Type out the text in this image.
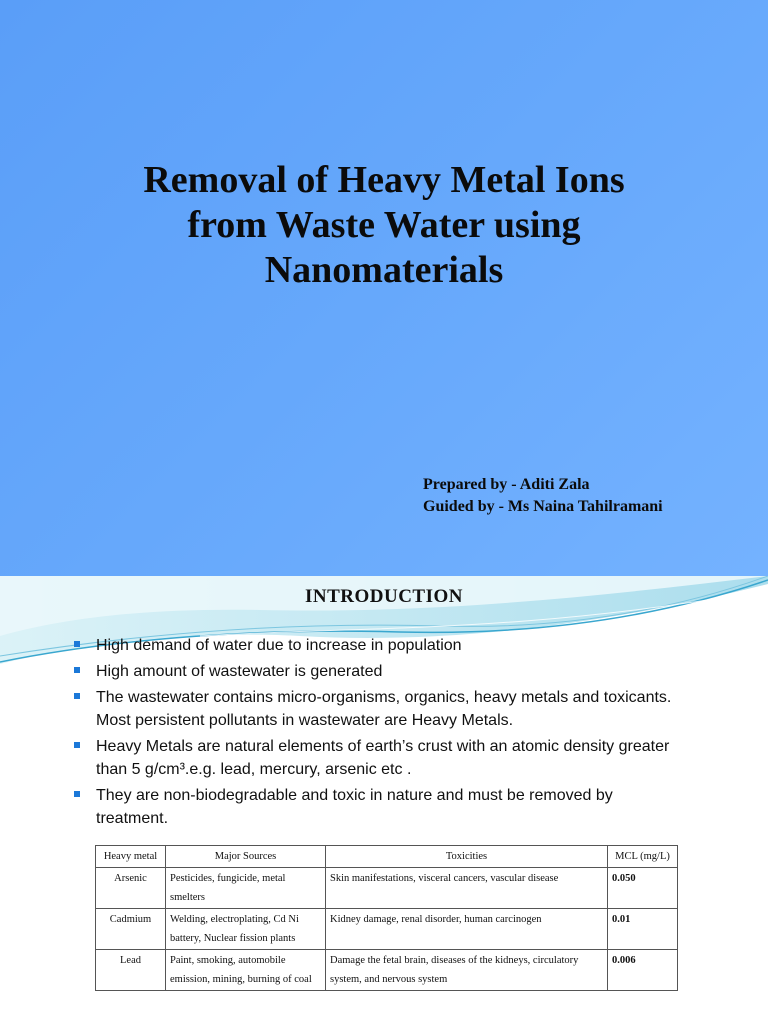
Removal of Heavy Metal Ions
from Waste Water using
Nanomaterials
Prepared by - Aditi Zala
Guided by - Ms Naina Tahilramani
INTRODUCTION
High demand of water due to increase in population
High amount of wastewater is generated
The wastewater contains micro-organisms, organics, heavy metals and toxicants. Most persistent pollutants in wastewater are Heavy Metals.
Heavy Metals are natural elements of earth’s crust with an atomic density greater than 5 g/cm³.e.g. lead, mercury, arsenic etc .
They are non-biodegradable and toxic in nature and must be removed by treatment.
Heavy metal	Major Sources	Toxicities	MCL (mg/L)
Arsenic	Pesticides, fungicide, metal smelters	Skin manifestations, visceral cancers, vascular disease	0.050
Cadmium	Welding, electroplating, Cd Ni battery, Nuclear fission plants	Kidney damage, renal disorder, human carcinogen	0.01
Lead	Paint, smoking, automobile emission, mining, burning of coal	Damage the fetal brain, diseases of the kidneys, circulatory system, and nervous system	0.006
